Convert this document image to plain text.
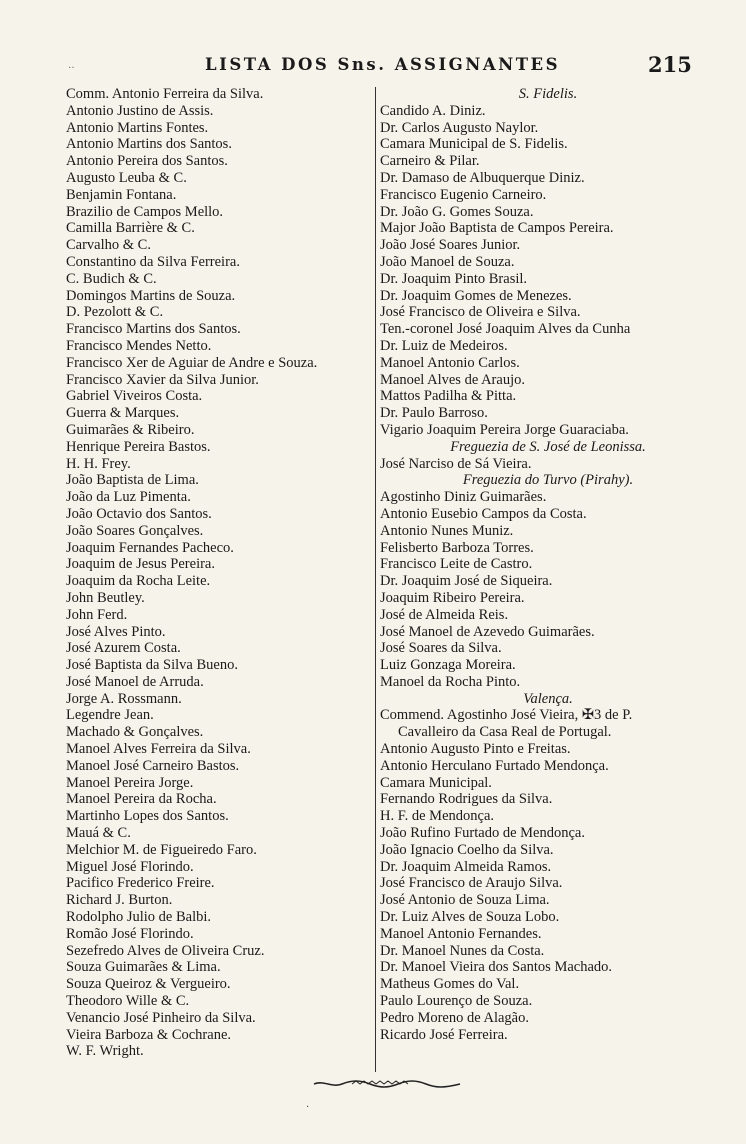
LISTA DOS Sns. ASSIGNANTES	215
‥
Comm. Antonio Ferreira da Silva.
Antonio Justino de Assis.
Antonio Martins Fontes.
Antonio Martins dos Santos.
Antonio Pereira dos Santos.
Augusto Leuba & C.
Benjamin Fontana.
Brazilio de Campos Mello.
Camilla Barrière & C.
Carvalho & C.
Constantino da Silva Ferreira.
C. Budich & C.
Domingos Martins de Souza.
D. Pezolott & C.
Francisco Martins dos Santos.
Francisco Mendes Netto.
Francisco Xer de Aguiar de Andre e Souza.
Francisco Xavier da Silva Junior.
Gabriel Viveiros Costa.
Guerra & Marques.
Guimarães & Ribeiro.
Henrique Pereira Bastos.
H. H. Frey.
João Baptista de Lima.
João da Luz Pimenta.
João Octavio dos Santos.
João Soares Gonçalves.
Joaquim Fernandes Pacheco.
Joaquim de Jesus Pereira.
Joaquim da Rocha Leite.
John Beutley.
John Ferd.
José Alves Pinto.
José Azurem Costa.
José Baptista da Silva Bueno.
José Manoel de Arruda.
Jorge A. Rossmann.
Legendre Jean.
Machado & Gonçalves.
Manoel Alves Ferreira da Silva.
Manoel José Carneiro Bastos.
Manoel Pereira Jorge.
Manoel Pereira da Rocha.
Martinho Lopes dos Santos.
Mauá & C.
Melchior M. de Figueiredo Faro.
Miguel José Florindo.
Pacifico Frederico Freire.
Richard J. Burton.
Rodolpho Julio de Balbi.
Romão José Florindo.
Sezefredo Alves de Oliveira Cruz.
Souza Guimarães & Lima.
Souza Queiroz & Vergueiro.
Theodoro Wille & C.
Venancio José Pinheiro da Silva.
Vieira Barboza & Cochrane.
W. F. Wright.
S. Fidelis.
Candido A. Diniz.
Dr. Carlos Augusto Naylor.
Camara Municipal de S. Fidelis.
Carneiro & Pilar.
Dr. Damaso de Albuquerque Diniz.
Francisco Eugenio Carneiro.
Dr. João G. Gomes Souza.
Major João Baptista de Campos Pereira.
João José Soares Junior.
João Manoel de Souza.
Dr. Joaquim Pinto Brasil.
Dr. Joaquim Gomes de Menezes.
José Francisco de Oliveira e Silva.
Ten.-coronel José Joaquim Alves da Cunha
Dr. Luiz de Medeiros.
Manoel Antonio Carlos.
Manoel Alves de Araujo.
Mattos Padilha & Pitta.
Dr. Paulo Barroso.
Vigario Joaquim Pereira Jorge Guaraciaba.
Freguezia de S. José de Leonissa.
José Narciso de Sá Vieira.
Freguezia do Turvo (Pirahy).
Agostinho Diniz Guimarães.
Antonio Eusebio Campos da Costa.
Antonio Nunes Muniz.
Felisberto Barboza Torres.
Francisco Leite de Castro.
Dr. Joaquim José de Siqueira.
Joaquim Ribeiro Pereira.
José de Almeida Reis.
José Manoel de Azevedo Guimarães.
José Soares da Silva.
Luiz Gonzaga Moreira.
Manoel da Rocha Pinto.
Valença.
Commend. Agostinho José Vieira, ✠3 de P.
Cavalleiro da Casa Real de Portugal.
Antonio Augusto Pinto e Freitas.
Antonio Herculano Furtado Mendonça.
Camara Municipal.
Fernando Rodrigues da Silva.
H. F. de Mendonça.
João Rufino Furtado de Mendonça.
João Ignacio Coelho da Silva.
Dr. Joaquim Almeida Ramos.
José Francisco de Araujo Silva.
José Antonio de Souza Lima.
Dr. Luiz Alves de Souza Lobo.
Manoel Antonio Fernandes.
Dr. Manoel Nunes da Costa.
Dr. Manoel Vieira dos Santos Machado.
Matheus Gomes do Val.
Paulo Lourenço de Souza.
Pedro Moreno de Alagão.
Ricardo José Ferreira.
·
